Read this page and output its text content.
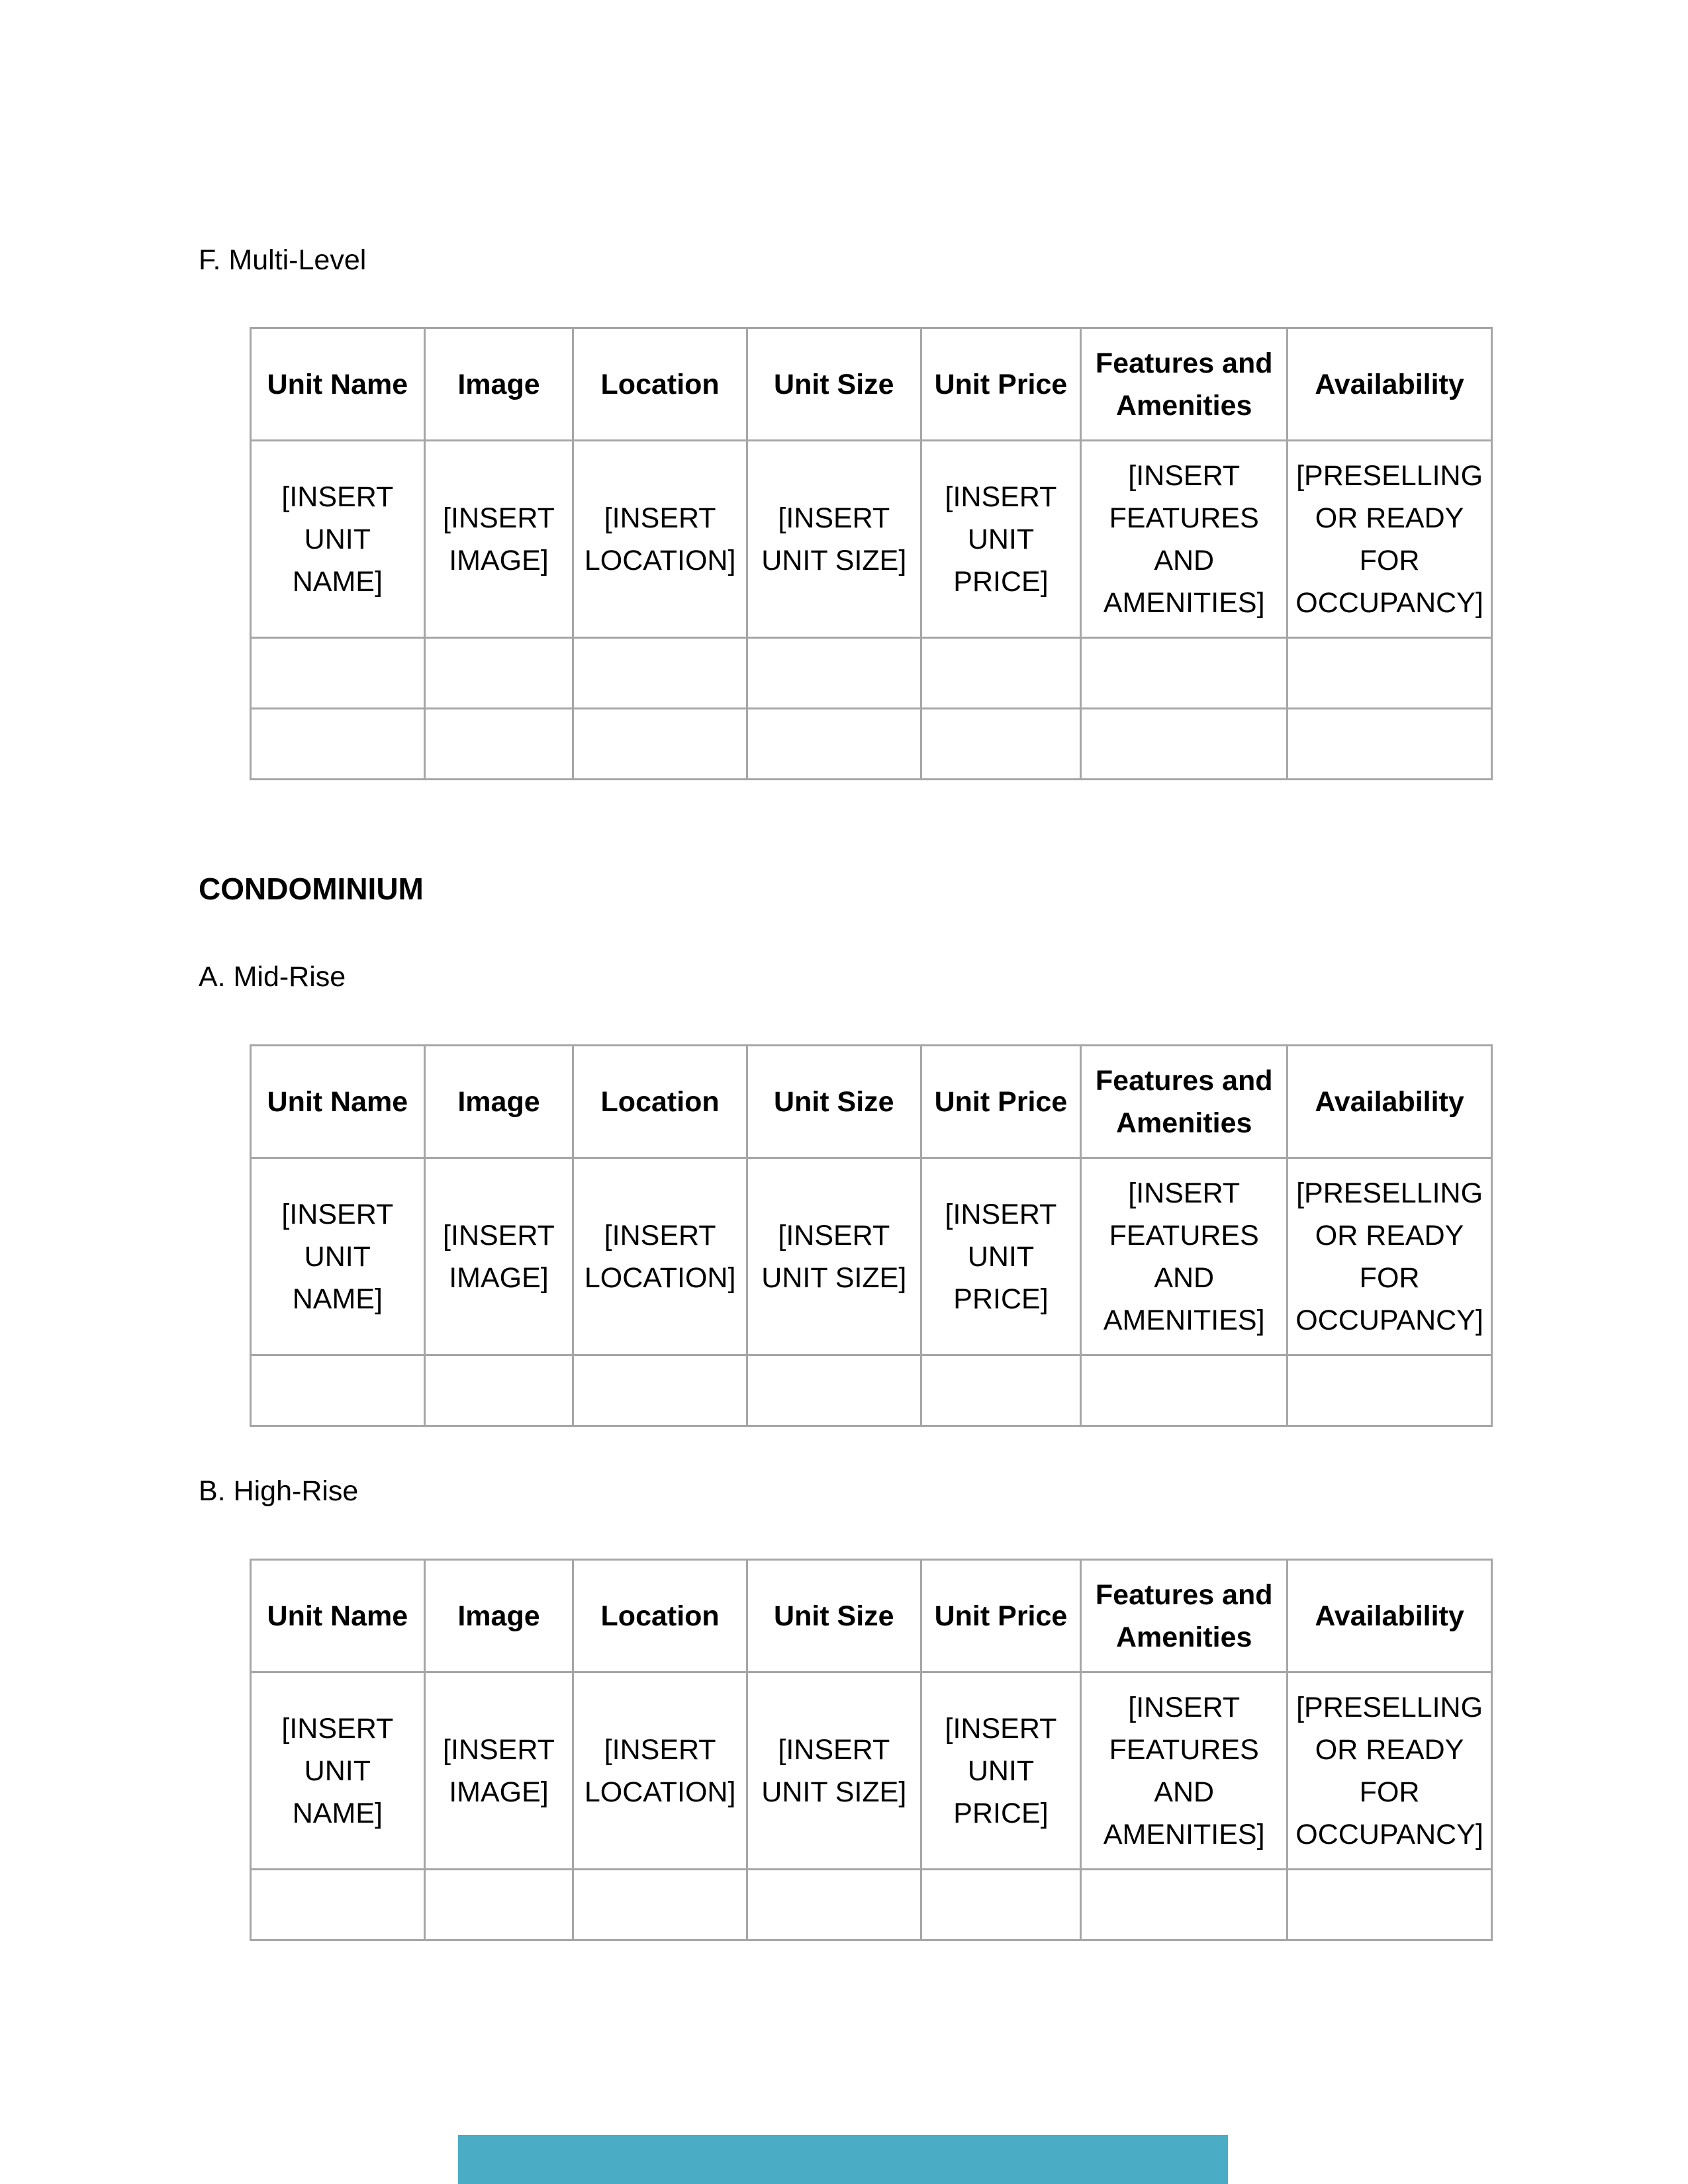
F. Multi-Level
Unit Name	Image	Location	Unit Size	Unit Price	Features and Amenities	Availability
[INSERT UNIT NAME]	[INSERT IMAGE]	[INSERT LOCATION]	[INSERT UNIT SIZE]	[INSERT UNIT PRICE]	[INSERT FEATURES AND AMENITIES]	[PRESELLING OR READY FOR OCCUPANCY]

CONDOMINIUM
A. Mid-Rise
Unit Name	Image	Location	Unit Size	Unit Price	Features and Amenities	Availability
[INSERT UNIT NAME]	[INSERT IMAGE]	[INSERT LOCATION]	[INSERT UNIT SIZE]	[INSERT UNIT PRICE]	[INSERT FEATURES AND AMENITIES]	[PRESELLING OR READY FOR OCCUPANCY]

B. High-Rise
Unit Name	Image	Location	Unit Size	Unit Price	Features and Amenities	Availability
[INSERT UNIT NAME]	[INSERT IMAGE]	[INSERT LOCATION]	[INSERT UNIT SIZE]	[INSERT UNIT PRICE]	[INSERT FEATURES AND AMENITIES]	[PRESELLING OR READY FOR OCCUPANCY]
